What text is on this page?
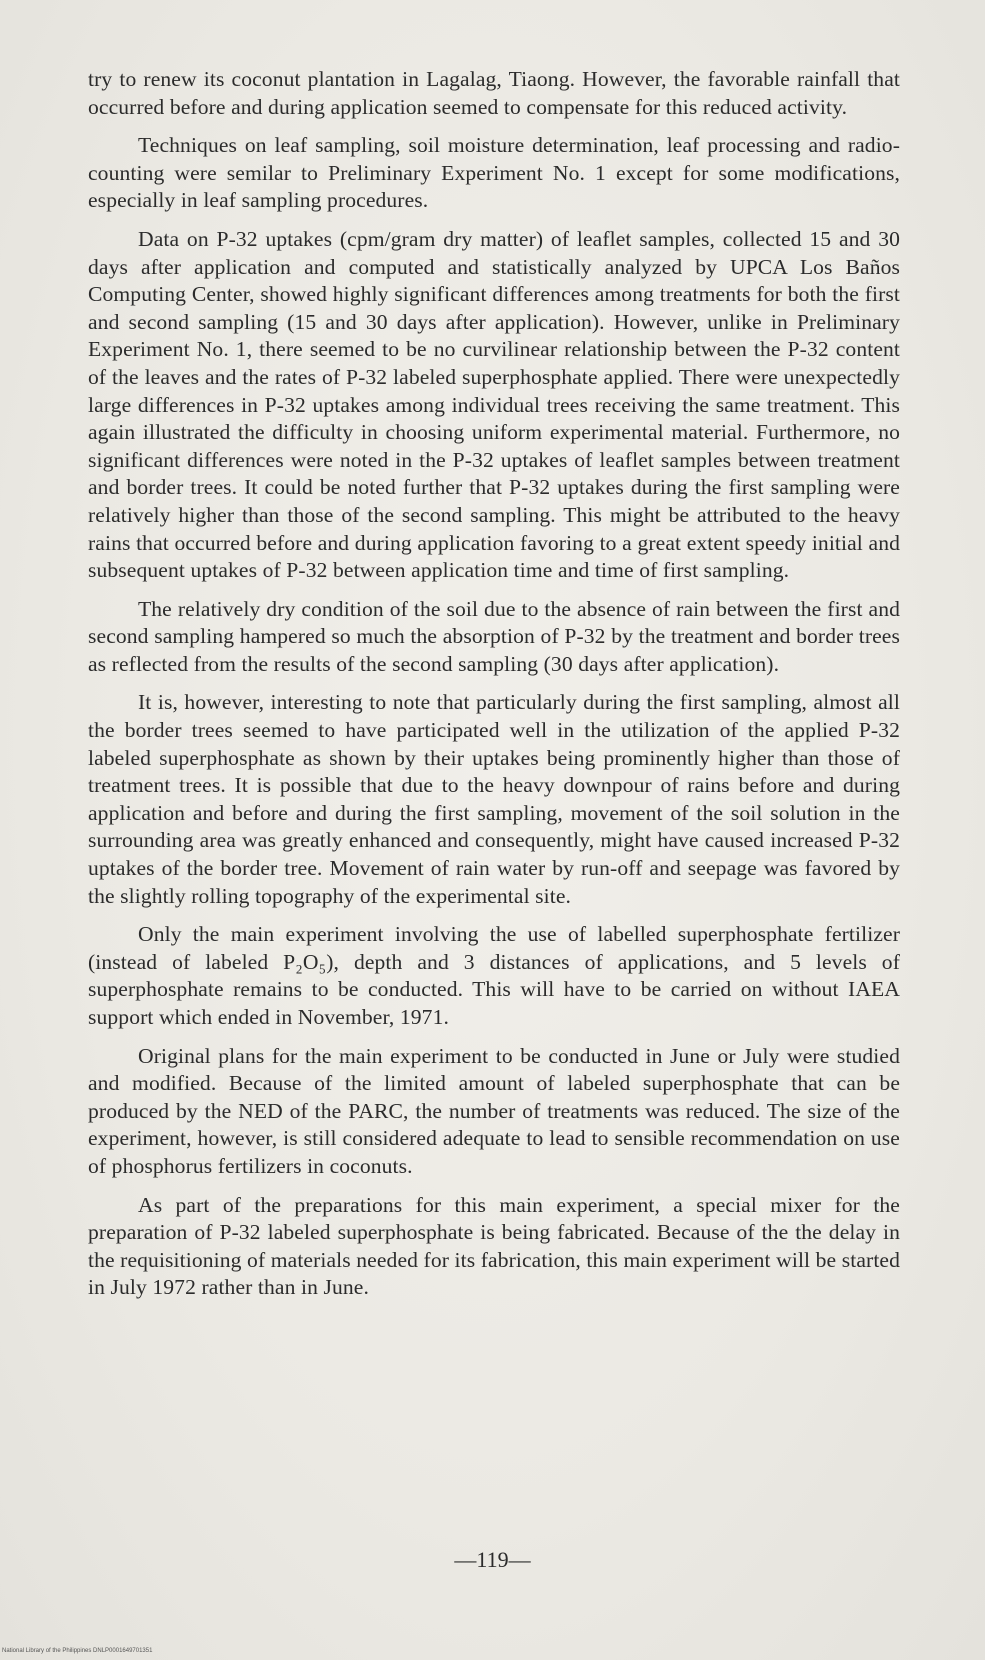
try to renew its coconut plantation in Lagalag, Tiaong. However, the favorable rainfall that occurred before and during application seemed to compensate for this reduced activity.

Techniques on leaf sampling, soil moisture determination, leaf processing and radio-counting were semilar to Preliminary Experiment No. 1 except for some modifications, especially in leaf sampling procedures.

Data on P-32 uptakes (cpm/gram dry matter) of leaflet samples, collected 15 and 30 days after application and computed and statistically analyzed by UPCA Los Baños Computing Center, showed highly significant differences among treatments for both the first and second sampling (15 and 30 days after application). However, unlike in Preliminary Experiment No. 1, there seemed to be no curvilinear relationship between the P-32 content of the leaves and the rates of P-32 labeled superphosphate applied. There were unexpectedly large differences in P-32 uptakes among individual trees receiving the same treatment. This again illustrated the difficulty in choosing uniform experimental material. Furthermore, no significant differences were noted in the P-32 uptakes of leaflet samples between treatment and border trees. It could be noted further that P-32 uptakes during the first sampling were relatively higher than those of the second sampling. This might be attributed to the heavy rains that occurred before and during application favoring to a great extent speedy initial and subsequent uptakes of P-32 between application time and time of first sampling.

The relatively dry condition of the soil due to the absence of rain between the first and second sampling hampered so much the absorption of P-32 by the treatment and border trees as reflected from the results of the second sampling (30 days after application).

It is, however, interesting to note that particularly during the first sampling, almost all the border trees seemed to have participated well in the utilization of the applied P-32 labeled superphosphate as shown by their uptakes being prominently higher than those of treatment trees. It is possible that due to the heavy downpour of rains before and during application and before and during the first sampling, movement of the soil solution in the surrounding area was greatly enhanced and consequently, might have caused increased P-32 uptakes of the border tree. Movement of rain water by run-off and seepage was favored by the slightly rolling topography of the experimental site.

Only the main experiment involving the use of labelled superphosphate fertilizer (instead of labeled P₂O₅), depth and 3 distances of applications, and 5 levels of superphosphate remains to be conducted. This will have to be carried on without IAEA support which ended in November, 1971.

Original plans for the main experiment to be conducted in June or July were studied and modified. Because of the limited amount of labeled superphosphate that can be produced by the NED of the PARC, the number of treatments was reduced. The size of the experiment, however, is still considered adequate to lead to sensible recommendation on use of phosphorus fertilizers in coconuts.

As part of the preparations for this main experiment, a special mixer for the preparation of P-32 labeled superphosphate is being fabricated. Because of the the delay in the requisitioning of materials needed for its fabrication, this main experiment will be started in July 1972 rather than in June.

—119—
National Library of the Philippines DNLP0001649701351
